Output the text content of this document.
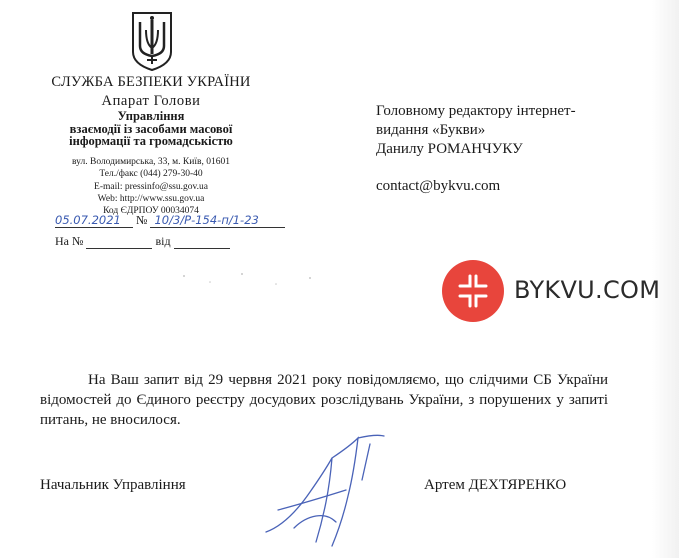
СЛУЖБА БЕЗПЕКИ УКРАЇНИ
Апарат Голови
Управління
взаємодії із засобами масової
інформації та громадськістю
вул. Володимирська, 33, м. Київ, 01601
Тел./факс (044) 279-30-40
E-mail: pressinfo@ssu.gov.ua
Web: http://www.ssu.gov.ua
Код ЄДРПОУ 00034074
05.07.2021 № 10/3/Р-154-п/1-23
На №	від
Головному редактору інтернет-
видання «Букви»
Данилу РОМАНЧУКУ
contact@bykvu.com
BYKVU.COM
На Ваш запит від 29 червня 2021 року повідомляємо, що слідчими СБ України відомостей до Єдиного реєстру досудових розслідувань України, з порушених у запиті питань, не вносилося.
Начальник Управління	Артем ДЕХТЯРЕНКО
